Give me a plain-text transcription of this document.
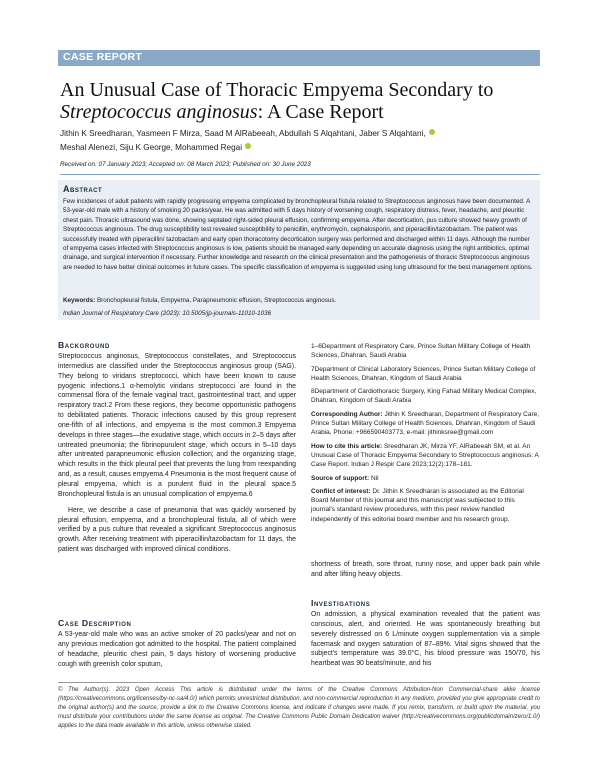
CASE REPORT
An Unusual Case of Thoracic Empyema Secondary to
Streptococcus anginosus: A Case Report
Jithin K Sreedharan, Yasmeen F Mirza, Saad M AlRabeeah, Abdullah S Alqahtani, Jaber S Alqahtani,
Meshal Alenezi, Siju K George, Mohammed Regai
Received on: 07 January 2023; Accepted on: 08 March 2023; Published on: 30 June 2023
Abstract
Few incidences of adult patients with rapidly progressing empyema complicated by bronchopleural fistula related to Streptococcus anginosus have been documented. A 53-year-old male with a history of smoking 20 packs/year. He was admitted with 5 days history of worsening cough, respiratory distress, fever, headache, and pleuritic chest pain. Thoracic ultrasound was done, showing septated right-sided pleural effusion, confirming empyema. After decortication, pus culture showed heavy growth of Streptococcus anginosus. The drug susceptibility test revealed susceptibility to penicillin, erythromycin, cephalosporin, and piperacillin/tazobactam. The patient was successfully treated with piperacillin/ tazobactam and early open thoracotomy decortication surgery was performed and discharged within 11 days. Although the number of empyema cases infected with Streptococcus anginosus is low, patients should be managed early depending on accurate diagnosis using the right antibiotics, optimal drainage, and surgical intervention if necessary. Further knowledge and research on the clinical presentation and the pathogenesis of thoracic Streptococcus anginosus are needed to have better clinical outcomes in future cases. The specific classification of empyema is suggested using lung ultrasound for the best management options.
Keywords: Bronchopleural fistula, Empyema, Parapneumonic effusion, Streptococcus anginosus.
Indian Journal of Respiratory Care (2023): 10.5005/jp-journals-11010-1036
Background

Streptococcus anginosus, Streptococcus constellates, and Streptococcus intermedius are classified under the Streptococcus anginosus group (SAG). They belong to viridans streptococci, which have been known to cause pyogenic infections.1 α-hemolytic viridans streptococci are found in the commensal flora of the female vaginal tract, gastrointestinal tract, and upper respiratory tract.2 From these regions, they become opportunistic pathogens to debilitated patients. Thoracic infections caused by this group represent one-fifth of all infections, and empyema is the most common.3 Empyema develops in three stages—the exudative stage, which occurs in 2–5 days after untreated pneumonia; the fibrinopurulent stage, which occurs in 5–10 days after untreated parapneumonic effusion collection; and the organizing stage, which results in the thick pleural peel that prevents the lung from reexpanding and, as a result, causes empyema.4 Pneumonia is the most frequent cause of pleural empyema, which is a purulent fluid in the pleural space.5 Bronchopleural fistula is an unusual complication of empyema.6

Here, we describe a case of pneumonia that was quickly worsened by pleural effusion, empyema, and a bronchopleural fistula, all of which were verified by a pus culture that revealed a significant Streptococcus anginosus growth. After receiving treatment with piperacillin/tazobactam for 11 days, the patient was discharged with improved clinical conditions.

Case Description
A 53-year-old male who was an active smoker of 20 packs/year and not on any previous medication got admitted to the hospital. The patient complained of headache, pleuritic chest pain, 5 days history of worsening productive cough with greenish color sputum,

1–6Department of Respiratory Care, Prince Sultan Military College of Health Sciences, Dhahran, Saudi Arabia

7Department of Clinical Laboratory Sciences, Prince Sultan Military College of Health Sciences, Dhahran, Kingdom of Saudi Arabia

8Department of Cardiothoracic Surgery, King Fahad Military Medical Complex, Dhahran, Kingdom of Saudi Arabia

Corresponding Author: Jithin K Sreedharan, Department of Respiratory Care, Prince Sultan Military College of Health Sciences, Dhahran, Kingdom of Saudi Arabia, Phone: +966590403773, e-mail: jithinksree@gmail.com

How to cite this article: Sreedharan JK, Mirza YF, AlRabeeah SM, et al. An Unusual Case of Thoracic Empyema Secondary to Streptococcus anginosus: A Case Report. Indian J Respir Care 2023;12(2):178–181.

Source of support: Nil

Conflict of interest: Dr. Jithin K Sreedharan is associated as the Editorial Board Member of this journal and this manuscript was subjected to this journal's standard review procedures, with this peer review handled independently of this editorial board member and his research group.

shortness of breath, sore throat, runny nose, and upper back pain while and after lifting heavy objects.
Investigations
On admission, a physical examination revealed that the patient was conscious, alert, and oriented. He was spontaneously breathing but severely distressed on 6 L/minute oxygen supplementation via a simple facemask and oxygen saturation of 87–89%. Vital signs showed that the subject's temperature was 39.0°C, his blood pressure was 150/70, his heartbeat was 90 beats/minute, and his
© The Author(s). 2023 Open Access This article is distributed under the terms of the Creative Commons Attribution-Non Commercial-share alike license (https://creativecommons.org/licenses/by-nc-sa/4.0/) which permits unrestricted distribution, and non-commercial reproduction in any medium, provided you give appropriate credit to the original author(s) and the source, provide a link to the Creative Commons license, and indicate if changes were made. If you remix, transform, or build upon the material, you must distribute your contributions under the same license as original. The Creative Commons Public Domain Dedication waiver (http://creativecommons.org/publicdomain/zero/1.0/) applies to the data made available in this article, unless otherwise stated.
